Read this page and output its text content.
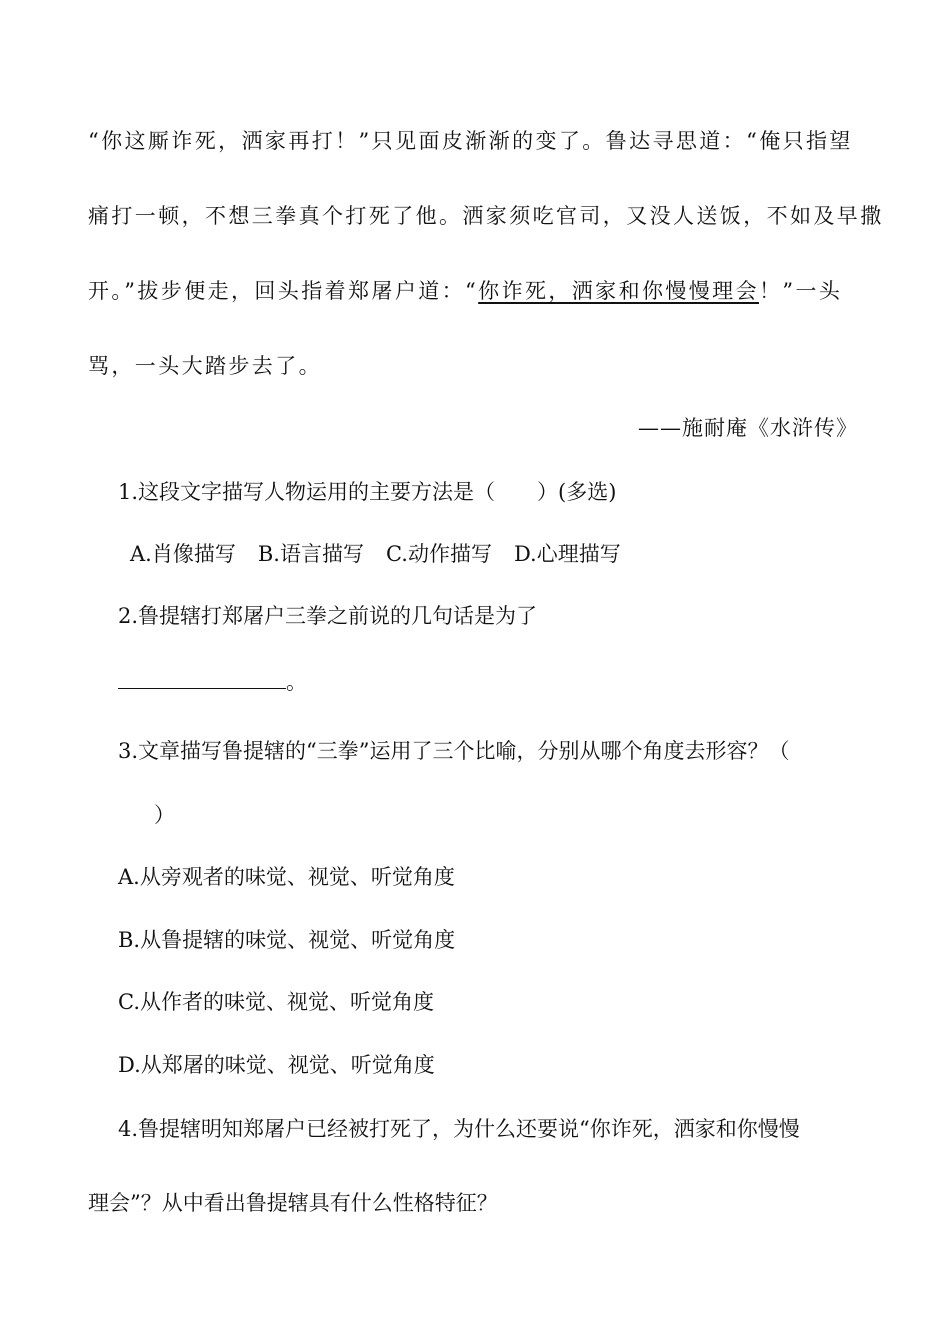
“你这厮诈死，洒家再打！”只见面皮渐渐的变了。鲁达寻思道：“俺只指望
痛打一顿，不想三拳真个打死了他。洒家须吃官司，又没人送饭，不如及早撒
开。”拔步便走，回头指着郑屠户道：“你诈死，洒家和你慢慢理会！”一头
骂，一头大踏步去了。
——施耐庵《水浒传》
1.这段文字描写人物运用的主要方法是（　　）(多选)
A.肖像描写 B.语言描写 C.动作描写 D.心理描写
2.鲁提辖打郑屠户三拳之前说的几句话是为了
。
3.文章描写鲁提辖的“三拳”运用了三个比喻，分别从哪个角度去形容？（
）
A.从旁观者的味觉、视觉、听觉角度
B.从鲁提辖的味觉、视觉、听觉角度
C.从作者的味觉、视觉、听觉角度
D.从郑屠的味觉、视觉、听觉角度
4.鲁提辖明知郑屠户已经被打死了，为什么还要说“你诈死，洒家和你慢慢
理会”？从中看出鲁提辖具有什么性格特征？
